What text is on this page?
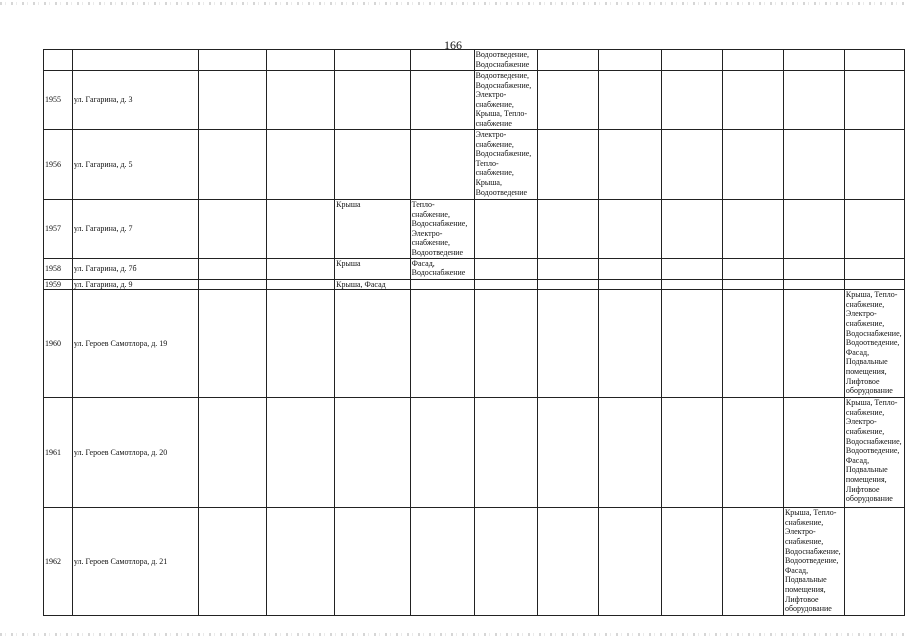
166
						Водоотведение, Водоснабжение						
1955	ул. Гагарина, д. 3					Водоотведение, Водоснабжение, Электро-снабжение, Крыша, Тепло-снабжение						
1956	ул. Гагарина, д. 5					Электро-снабжение, Водоснабжение, Тепло-снабжение, Крыша, Водоотведение						
1957	ул. Гагарина, д. 7			Крыша	Тепло-снабжение, Водоснабжение, Электро-снабжение, Водоотведение							
1958	ул. Гагарина, д. 7б			Крыша	Фасад, Водоснабжение							
1959	ул. Гагарина, д. 9			Крыша, Фасад								
1960	ул. Героев Самотлора, д. 19											Крыша, Тепло-снабжение, Электро-снабжение, Водоснабжение, Водоотведение, Фасад, Подвальные помещения, Лифтовое оборудование
1961	ул. Героев Самотлора, д. 20											Крыша, Тепло-снабжение, Электро-снабжение, Водоснабжение, Водоотведение, Фасад, Подвальные помещения, Лифтовое оборудование
1962	ул. Героев Самотлора, д. 21										Крыша, Тепло-снабжение, Электро-снабжение, Водоснабжение, Водоотведение, Фасад, Подвальные помещения, Лифтовое оборудование	
